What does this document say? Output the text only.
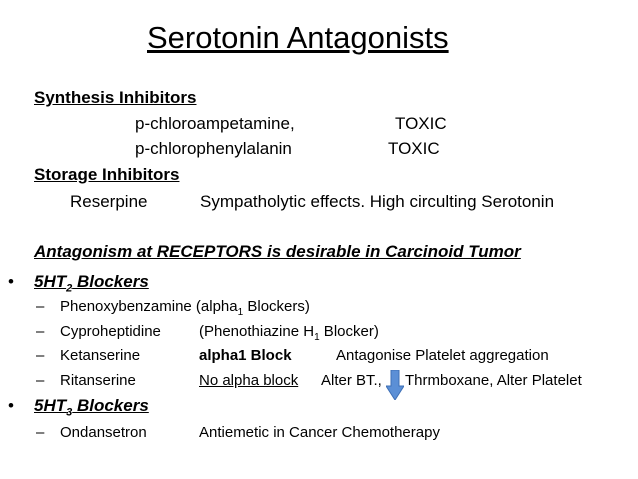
Serotonin Antagonists
Synthesis Inhibitors
p-chloroampetamine,	TOXIC
p-chlorophenylalanin	TOXIC
Storage Inhibitors
Reserpine	Sympatholytic effects. High circulting Serotonin
Antagonism at RECEPTORS is desirable in Carcinoid Tumor
• $5HT_2$ Blockers
– Phenoxybenzamine (alpha$_1$ Blockers)
– Cyproheptidine	(Phenothiazine $H_1$ Blocker)
– Ketanserine	alpha1 Block	Antagonise Platelet aggregation
– Ritanserine	No alpha block Alter BT., Thrmboxane, Alter Platelet
• $5HT_3$ Blockers
– Ondansetron	Antiemetic in Cancer Chemotherapy
